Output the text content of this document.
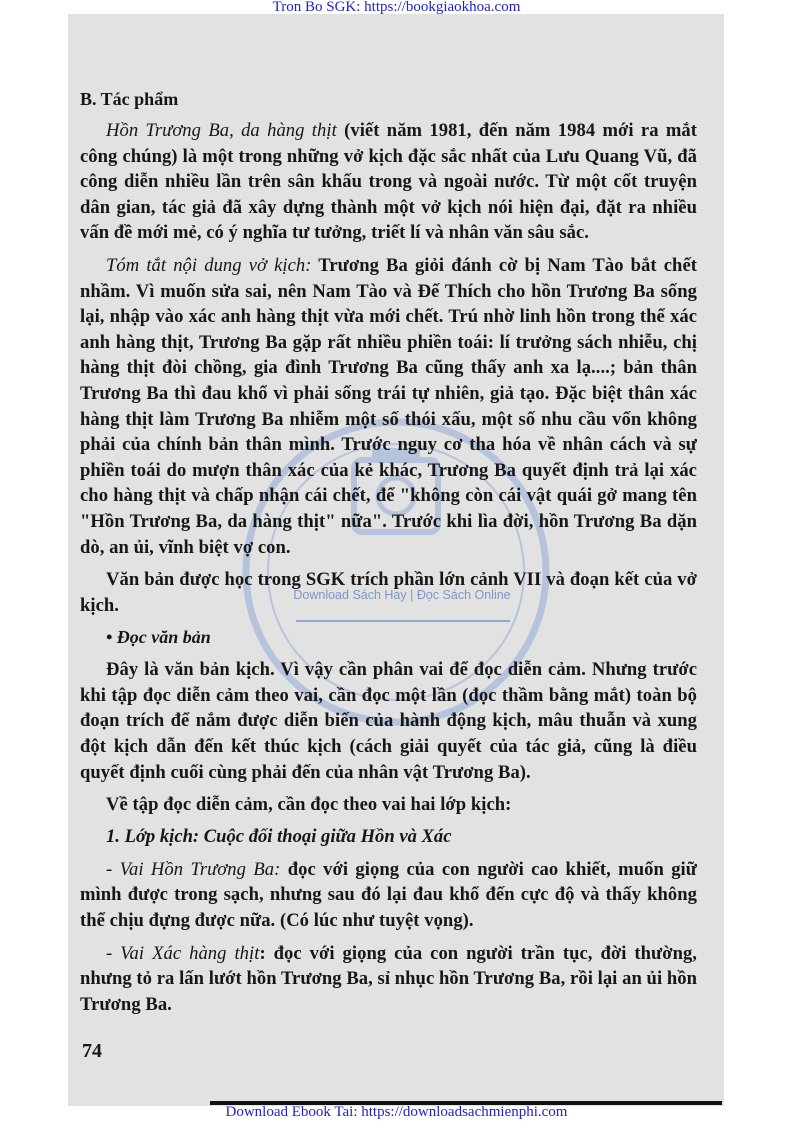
Tron Bo SGK: https://bookgiaokhoa.com
Download Sách Hay | Đọc Sách Online
B. Tác phẩm

Hồn Trương Ba, da hàng thịt (viết năm 1981, đến năm 1984 mới ra mắt công chúng) là một trong những vở kịch đặc sắc nhất của Lưu Quang Vũ, đã công diễn nhiều lần trên sân khấu trong và ngoài nước. Từ một cốt truyện dân gian, tác giả đã xây dựng thành một vở kịch nói hiện đại, đặt ra nhiều vấn đề mới mẻ, có ý nghĩa tư tưởng, triết lí và nhân văn sâu sắc.

Tóm tắt nội dung vở kịch: Trương Ba giỏi đánh cờ bị Nam Tào bắt chết nhầm. Vì muốn sửa sai, nên Nam Tào và Đế Thích cho hồn Trương Ba sống lại, nhập vào xác anh hàng thịt vừa mới chết. Trú nhờ linh hồn trong thể xác anh hàng thịt, Trương Ba gặp rất nhiều phiền toái: lí trưởng sách nhiễu, chị hàng thịt đòi chồng, gia đình Trương Ba cũng thấy anh xa lạ....; bản thân Trương Ba thì đau khổ vì phải sống trái tự nhiên, giả tạo. Đặc biệt thân xác hàng thịt làm Trương Ba nhiễm một số thói xấu, một số nhu cầu vốn không phải của chính bản thân mình. Trước nguy cơ tha hóa về nhân cách và sự phiền toái do mượn thân xác của kẻ khác, Trương Ba quyết định trả lại xác cho hàng thịt và chấp nhận cái chết, để "không còn cái vật quái gở mang tên "Hồn Trương Ba, da hàng thịt" nữa". Trước khi lìa đời, hồn Trương Ba dặn dò, an ủi, vĩnh biệt vợ con.

Văn bản được học trong SGK trích phần lớn cảnh VII và đoạn kết của vở kịch.

• Đọc văn bản

Đây là văn bản kịch. Vì vậy cần phân vai để đọc diễn cảm. Nhưng trước khi tập đọc diễn cảm theo vai, cần đọc một lần (đọc thầm bằng mắt) toàn bộ đoạn trích để nắm được diễn biến của hành động kịch, mâu thuẫn và xung đột kịch dẫn đến kết thúc kịch (cách giải quyết của tác giả, cũng là điều quyết định cuối cùng phải đến của nhân vật Trương Ba).

Về tập đọc diễn cảm, cần đọc theo vai hai lớp kịch:

1. Lớp kịch: Cuộc đối thoại giữa Hồn và Xác

- Vai Hồn Trương Ba: đọc với giọng của con người cao khiết, muốn giữ mình được trong sạch, nhưng sau đó lại đau khổ đến cực độ và thấy không thể chịu đựng được nữa. (Có lúc như tuyệt vọng).

- Vai Xác hàng thịt: đọc với giọng của con người trần tục, đời thường, nhưng tỏ ra lấn lướt hồn Trương Ba, sỉ nhục hồn Trương Ba, rồi lại an ủi hồn Trương Ba.

74
Download Ebook Tai: https://downloadsachmienphi.com
